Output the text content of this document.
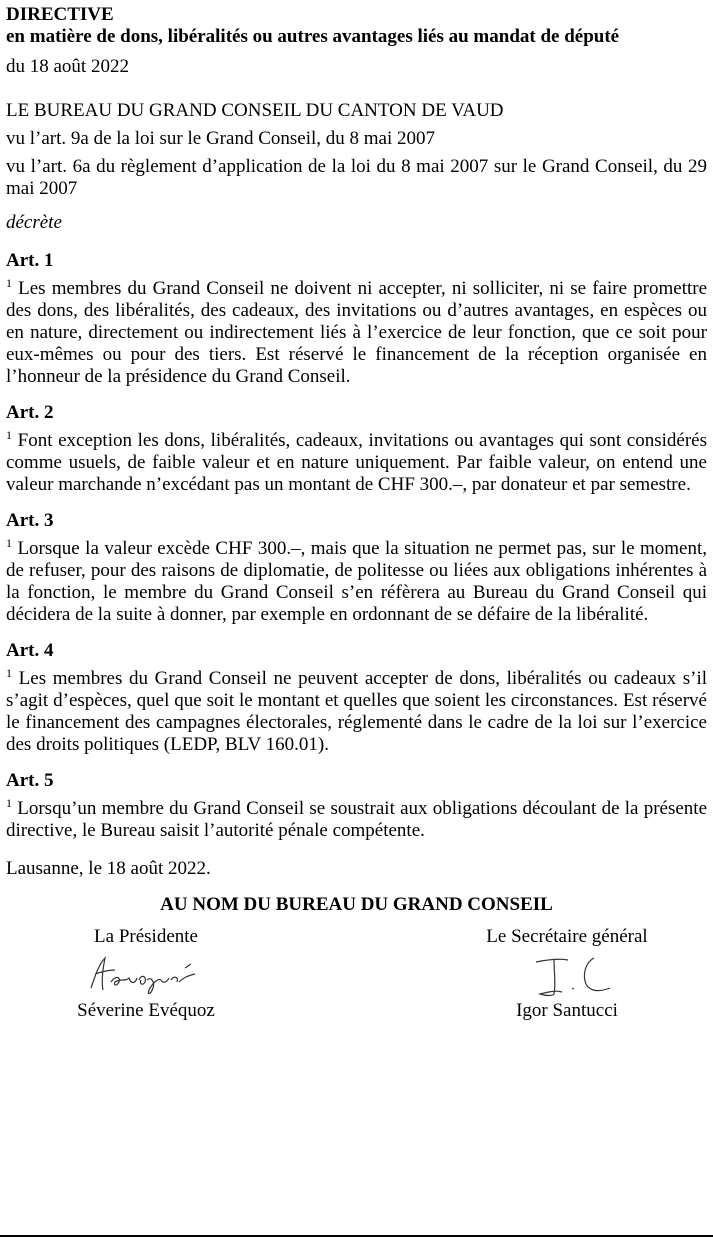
DIRECTIVE

en matière de dons, libéralités ou autres avantages liés au mandat de député

du 18 août 2022

LE BUREAU DU GRAND CONSEIL DU CANTON DE VAUD

vu l’art. 9a de la loi sur le Grand Conseil, du 8 mai 2007

vu l’art. 6a du règlement d’application de la loi du 8 mai 2007 sur le Grand Conseil, du 29 mai 2007

décrète

Art. 1

$^1$ Les membres du Grand Conseil ne doivent ni accepter, ni solliciter, ni se faire promettre des dons, des libéralités, des cadeaux, des invitations ou d’autres avantages, en espèces ou en nature, directement ou indirectement liés à l’exercice de leur fonction, que ce soit pour eux-mêmes ou pour des tiers. Est réservé le financement de la réception organisée en l’honneur de la présidence du Grand Conseil.

Art. 2

$^1$ Font exception les dons, libéralités, cadeaux, invitations ou avantages qui sont considérés comme usuels, de faible valeur et en nature uniquement. Par faible valeur, on entend une valeur marchande n’excédant pas un montant de CHF 300.–, par donateur et par semestre.

Art. 3

$^1$ Lorsque la valeur excède CHF 300.–, mais que la situation ne permet pas, sur le moment, de refuser, pour des raisons de diplomatie, de politesse ou liées aux obligations inhérentes à la fonction, le membre du Grand Conseil s’en réfèrera au Bureau du Grand Conseil qui décidera de la suite à donner, par exemple en ordonnant de se défaire de la libéralité.

Art. 4

$^1$ Les membres du Grand Conseil ne peuvent accepter de dons, libéralités ou cadeaux s’il s’agit d’espèces, quel que soit le montant et quelles que soient les circonstances. Est réservé le financement des campagnes électorales, réglementé dans le cadre de la loi sur l’exercice des droits politiques (LEDP, BLV 160.01).

Art. 5

$^1$ Lorsqu’un membre du Grand Conseil se soustrait aux obligations découlant de la présente directive, le Bureau saisit l’autorité pénale compétente.

Lausanne, le 18 août 2022.

AU NOM DU BUREAU DU GRAND CONSEIL

La Présidente
Séverine Evéquoz
Le Secrétaire général
Igor Santucci
